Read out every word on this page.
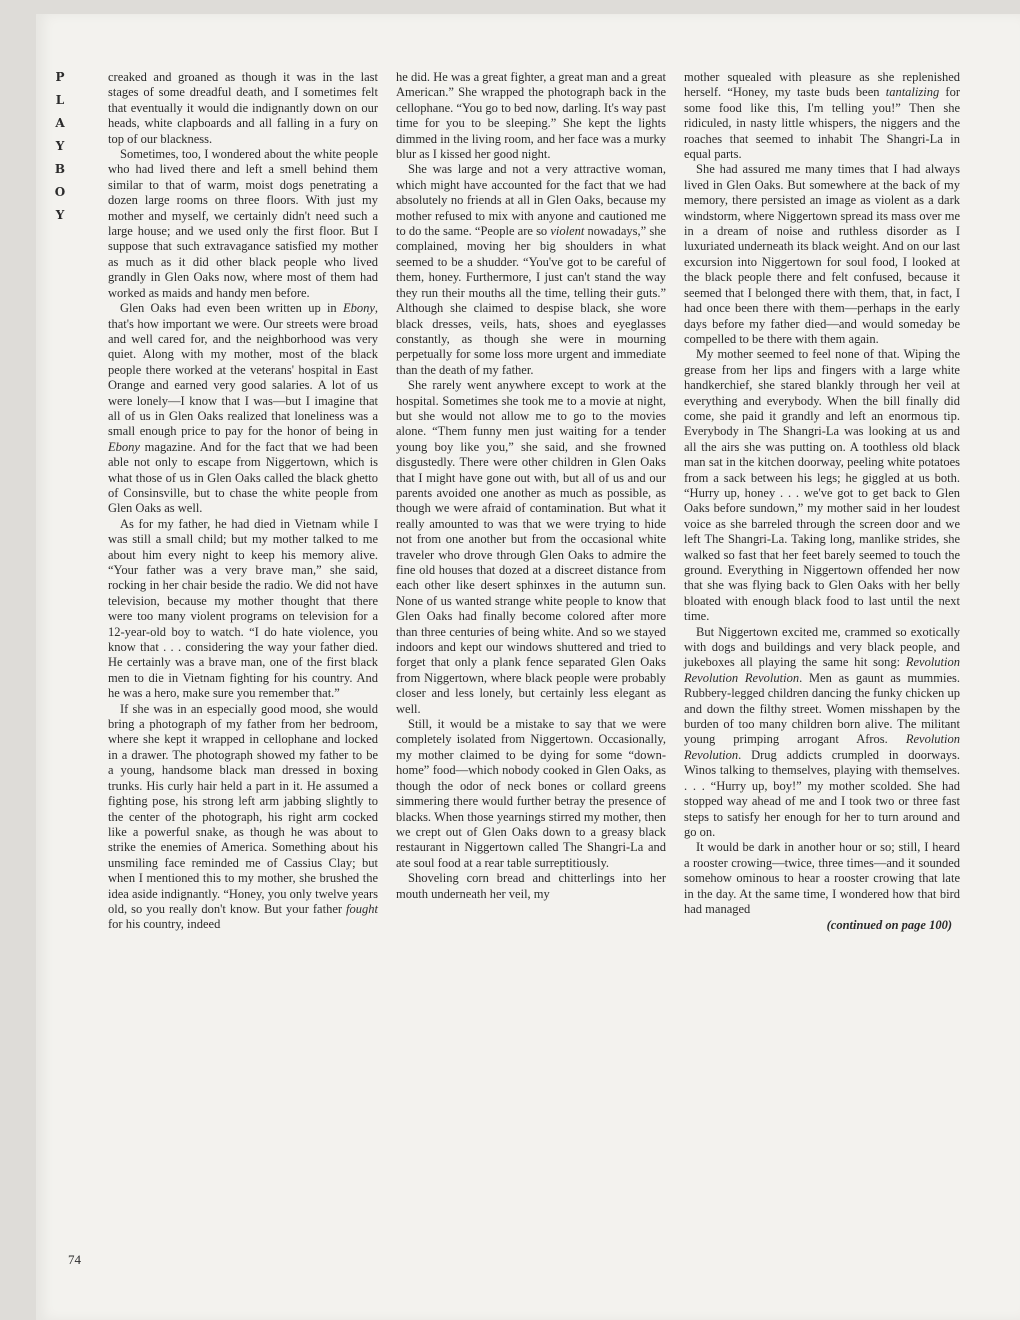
P
L
A
Y
B
O
Y

creaked and groaned as though it was in the last stages of some dreadful death, and I sometimes felt that eventually it would die indignantly down on our heads, white clapboards and all falling in a fury on top of our blackness.

Sometimes, too, I wondered about the white people who had lived there and left a smell behind them similar to that of warm, moist dogs penetrating a dozen large rooms on three floors. With just my mother and myself, we certainly didn't need such a large house; and we used only the first floor. But I suppose that such extravagance satisfied my mother as much as it did other black people who lived grandly in Glen Oaks now, where most of them had worked as maids and handy men before.

Glen Oaks had even been written up in Ebony, that's how important we were. Our streets were broad and well cared for, and the neighborhood was very quiet. Along with my mother, most of the black people there worked at the veterans' hospital in East Orange and earned very good salaries. A lot of us were lonely—I know that I was—but I imagine that all of us in Glen Oaks realized that loneliness was a small enough price to pay for the honor of being in Ebony magazine. And for the fact that we had been able not only to escape from Niggertown, which is what those of us in Glen Oaks called the black ghetto of Consinsville, but to chase the white people from Glen Oaks as well.

As for my father, he had died in Vietnam while I was still a small child; but my mother talked to me about him every night to keep his memory alive. “Your father was a very brave man,” she said, rocking in her chair beside the radio. We did not have television, because my mother thought that there were too many violent programs on television for a 12-year-old boy to watch. “I do hate violence, you know that . . . considering the way your father died. He certainly was a brave man, one of the first black men to die in Vietnam fighting for his country. And he was a hero, make sure you remember that.”

If she was in an especially good mood, she would bring a photograph of my father from her bedroom, where she kept it wrapped in cellophane and locked in a drawer. The photograph showed my father to be a young, handsome black man dressed in boxing trunks. His curly hair held a part in it. He assumed a fighting pose, his strong left arm jabbing slightly to the center of the photograph, his right arm cocked like a powerful snake, as though he was about to strike the enemies of America. Something about his unsmiling face reminded me of Cassius Clay; but when I mentioned this to my mother, she brushed the idea aside indignantly. “Honey, you only twelve years old, so you really don't know. But your father fought for his country, indeed

he did. He was a great fighter, a great man and a great American.” She wrapped the photograph back in the cellophane. “You go to bed now, darling. It's way past time for you to be sleeping.” She kept the lights dimmed in the living room, and her face was a murky blur as I kissed her good night.

She was large and not a very attractive woman, which might have accounted for the fact that we had absolutely no friends at all in Glen Oaks, because my mother refused to mix with anyone and cautioned me to do the same. “People are so violent nowadays,” she complained, moving her big shoulders in what seemed to be a shudder. “You've got to be careful of them, honey. Furthermore, I just can't stand the way they run their mouths all the time, telling their guts.” Although she claimed to despise black, she wore black dresses, veils, hats, shoes and eyeglasses constantly, as though she were in mourning perpetually for some loss more urgent and immediate than the death of my father.

She rarely went anywhere except to work at the hospital. Sometimes she took me to a movie at night, but she would not allow me to go to the movies alone. “Them funny men just waiting for a tender young boy like you,” she said, and she frowned disgustedly. There were other children in Glen Oaks that I might have gone out with, but all of us and our parents avoided one another as much as possible, as though we were afraid of contamination. But what it really amounted to was that we were trying to hide not from one another but from the occasional white traveler who drove through Glen Oaks to admire the fine old houses that dozed at a discreet distance from each other like desert sphinxes in the autumn sun. None of us wanted strange white people to know that Glen Oaks had finally become colored after more than three centuries of being white. And so we stayed indoors and kept our windows shuttered and tried to forget that only a plank fence separated Glen Oaks from Niggertown, where black people were probably closer and less lonely, but certainly less elegant as well.

Still, it would be a mistake to say that we were completely isolated from Niggertown. Occasionally, my mother claimed to be dying for some “down-home” food—which nobody cooked in Glen Oaks, as though the odor of neck bones or collard greens simmering there would further betray the presence of blacks. When those yearnings stirred my mother, then we crept out of Glen Oaks down to a greasy black restaurant in Niggertown called The Shangri-La and ate soul food at a rear table surreptitiously.

Shoveling corn bread and chitterlings into her mouth underneath her veil, my

mother squealed with pleasure as she replenished herself. “Honey, my taste buds been tantalizing for some food like this, I'm telling you!” Then she ridiculed, in nasty little whispers, the niggers and the roaches that seemed to inhabit The Shangri-La in equal parts.

She had assured me many times that I had always lived in Glen Oaks. But somewhere at the back of my memory, there persisted an image as violent as a dark windstorm, where Niggertown spread its mass over me in a dream of noise and ruthless disorder as I luxuriated underneath its black weight. And on our last excursion into Niggertown for soul food, I looked at the black people there and felt confused, because it seemed that I belonged there with them, that, in fact, I had once been there with them—perhaps in the early days before my father died—and would someday be compelled to be there with them again.

My mother seemed to feel none of that. Wiping the grease from her lips and fingers with a large white handkerchief, she stared blankly through her veil at everything and everybody. When the bill finally did come, she paid it grandly and left an enormous tip. Everybody in The Shangri-La was looking at us and all the airs she was putting on. A toothless old black man sat in the kitchen doorway, peeling white potatoes from a sack between his legs; he giggled at us both. “Hurry up, honey . . . we've got to get back to Glen Oaks before sundown,” my mother said in her loudest voice as she barreled through the screen door and we left The Shangri-La. Taking long, manlike strides, she walked so fast that her feet barely seemed to touch the ground. Everything in Niggertown offended her now that she was flying back to Glen Oaks with her belly bloated with enough black food to last until the next time.

But Niggertown excited me, crammed so exotically with dogs and buildings and very black people, and jukeboxes all playing the same hit song: Revolution Revolution Revolution. Men as gaunt as mummies. Rubbery-legged children dancing the funky chicken up and down the filthy street. Women misshapen by the burden of too many children born alive. The militant young primping arrogant Afros. Revolution Revolution. Drug addicts crumpled in doorways. Winos talking to themselves, playing with themselves. . . . “Hurry up, boy!” my mother scolded. She had stopped way ahead of me and I took two or three fast steps to satisfy her enough for her to turn around and go on.

It would be dark in another hour or so; still, I heard a rooster crowing—twice, three times—and it sounded somehow ominous to hear a rooster crowing that late in the day. At the same time, I wondered how that bird had managed

(continued on page 100)
74
